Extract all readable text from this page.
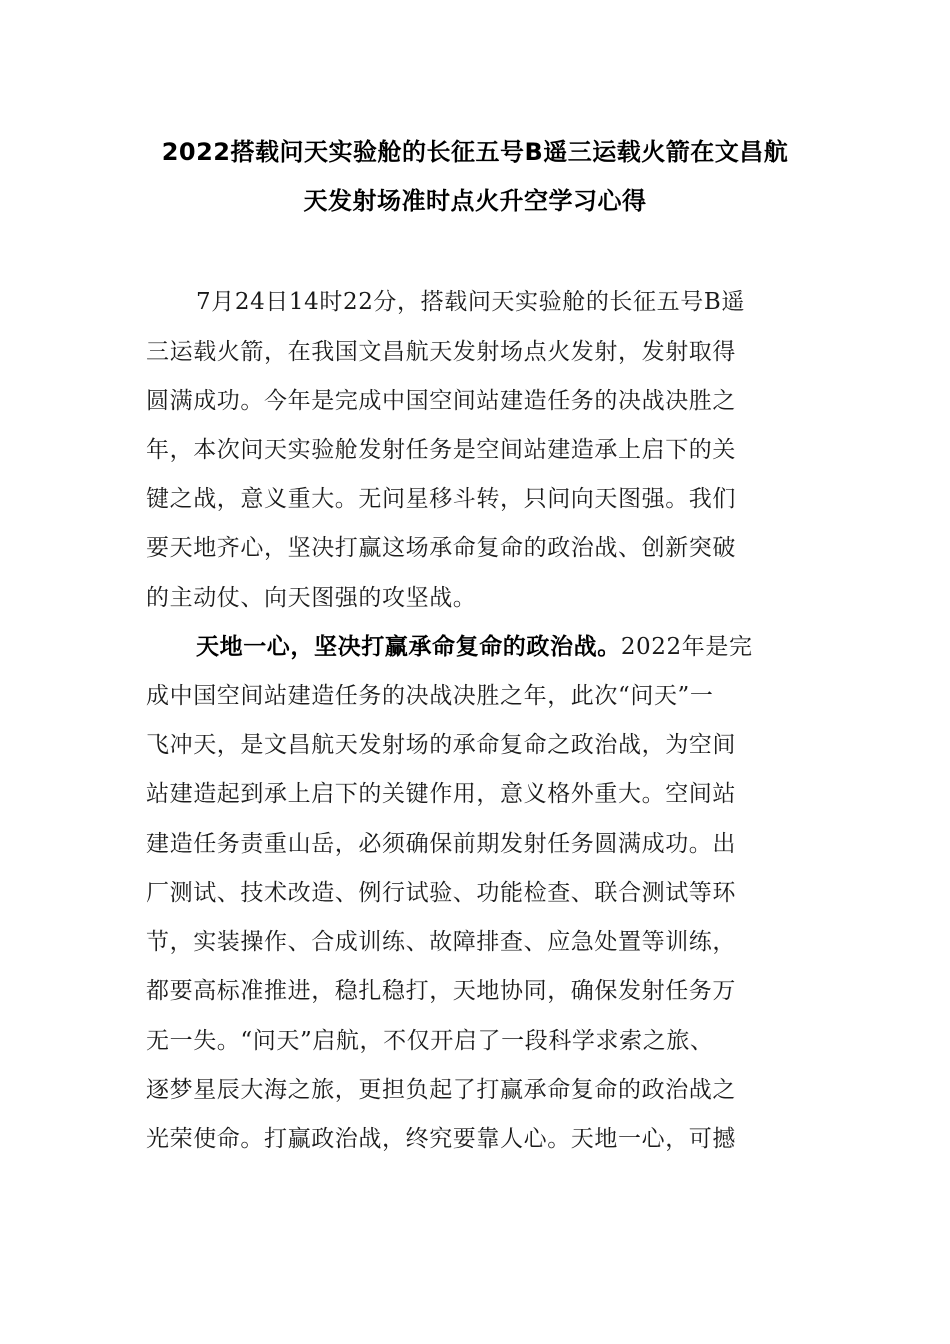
2022搭载问天实验舱的长征五号B遥三运载火箭在文昌航
天发射场准时点火升空学习心得
7月24日14时22分，搭载问天实验舱的长征五号B遥
三运载火箭，在我国文昌航天发射场点火发射，发射取得
圆满成功。今年是完成中国空间站建造任务的决战决胜之
年，本次问天实验舱发射任务是空间站建造承上启下的关
键之战，意义重大。无问星移斗转，只问向天图强。我们
要天地齐心，坚决打赢这场承命复命的政治战、创新突破
的主动仗、向天图强的攻坚战。
天地一心，坚决打赢承命复命的政治战。2022年是完
成中国空间站建造任务的决战决胜之年，此次“问天”一
飞冲天，是文昌航天发射场的承命复命之政治战，为空间
站建造起到承上启下的关键作用，意义格外重大。空间站
建造任务责重山岳，必须确保前期发射任务圆满成功。出
厂测试、技术改造、例行试验、功能检查、联合测试等环
节，实装操作、合成训练、故障排查、应急处置等训练，
都要高标准推进，稳扎稳打，天地协同，确保发射任务万
无一失。“问天”启航，不仅开启了一段科学求索之旅、
逐梦星辰大海之旅，更担负起了打赢承命复命的政治战之
光荣使命。打赢政治战，终究要靠人心。天地一心，可撼
